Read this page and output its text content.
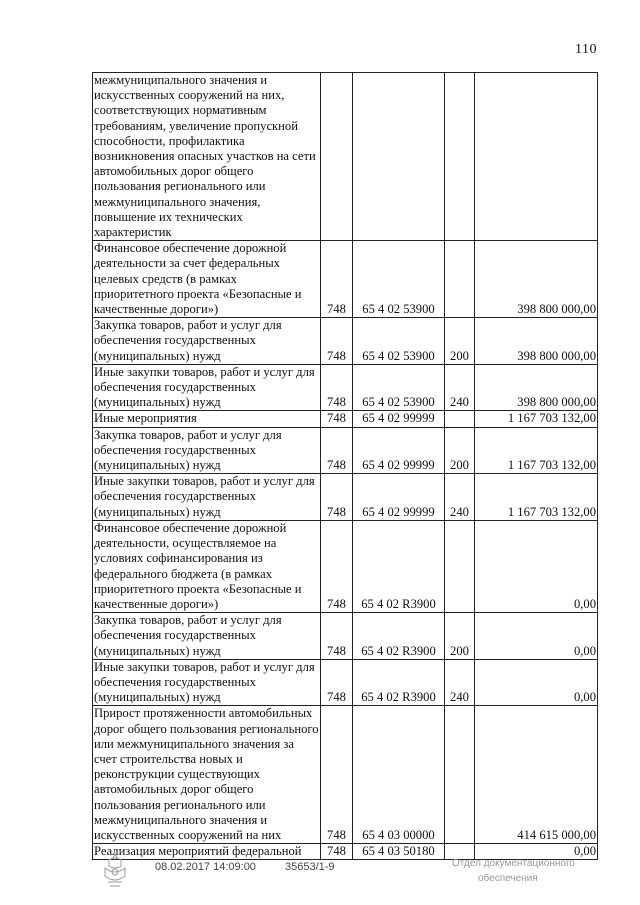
110
межмуниципального значения и искусственных сооружений на них, соответствующих нормативным требованиям, увеличение пропускной способности, профилактика возникновения опасных участков на сети автомобильных дорог общего пользования регионального или межмуниципального значения, повышение их технических характеристик				
Финансовое обеспечение дорожной деятельности за счет федеральных целевых средств (в рамках приоритетного проекта «Безопасные и качественные дороги»)	748	65 4 02 53900		398 800 000,00
Закупка товаров, работ и услуг для обеспечения государственных (муниципальных) нужд	748	65 4 02 53900	200	398 800 000,00
Иные закупки товаров, работ и услуг для обеспечения государственных (муниципальных) нужд	748	65 4 02 53900	240	398 800 000,00
Иные мероприятия	748	65 4 02 99999		1 167 703 132,00
Закупка товаров, работ и услуг для обеспечения государственных (муниципальных) нужд	748	65 4 02 99999	200	1 167 703 132,00
Иные закупки товаров, работ и услуг для обеспечения государственных (муниципальных) нужд	748	65 4 02 99999	240	1 167 703 132,00
Финансовое обеспечение дорожной деятельности, осуществляемое на условиях софинансирования из федерального бюджета (в рамках приоритетного проекта «Безопасные и качественные дороги»)	748	65 4 02 R3900		0,00
Закупка товаров, работ и услуг для обеспечения государственных (муниципальных) нужд	748	65 4 02 R3900	200	0,00
Иные закупки товаров, работ и услуг для обеспечения государственных (муниципальных) нужд	748	65 4 02 R3900	240	0,00
Прирост протяженности автомобильных дорог общего пользования регионального или межмуниципального значения за счет строительства новых и реконструкции существующих автомобильных дорог общего пользования регионального или межмуниципального значения и искусственных сооружений на них	748	65 4 03 00000		414 615 000,00
Реализация мероприятий федеральной	748	65 4 03 50180		0,00
08.02.2017 14:09:00	35653/1-9	Отдел документационного
обеспечения
